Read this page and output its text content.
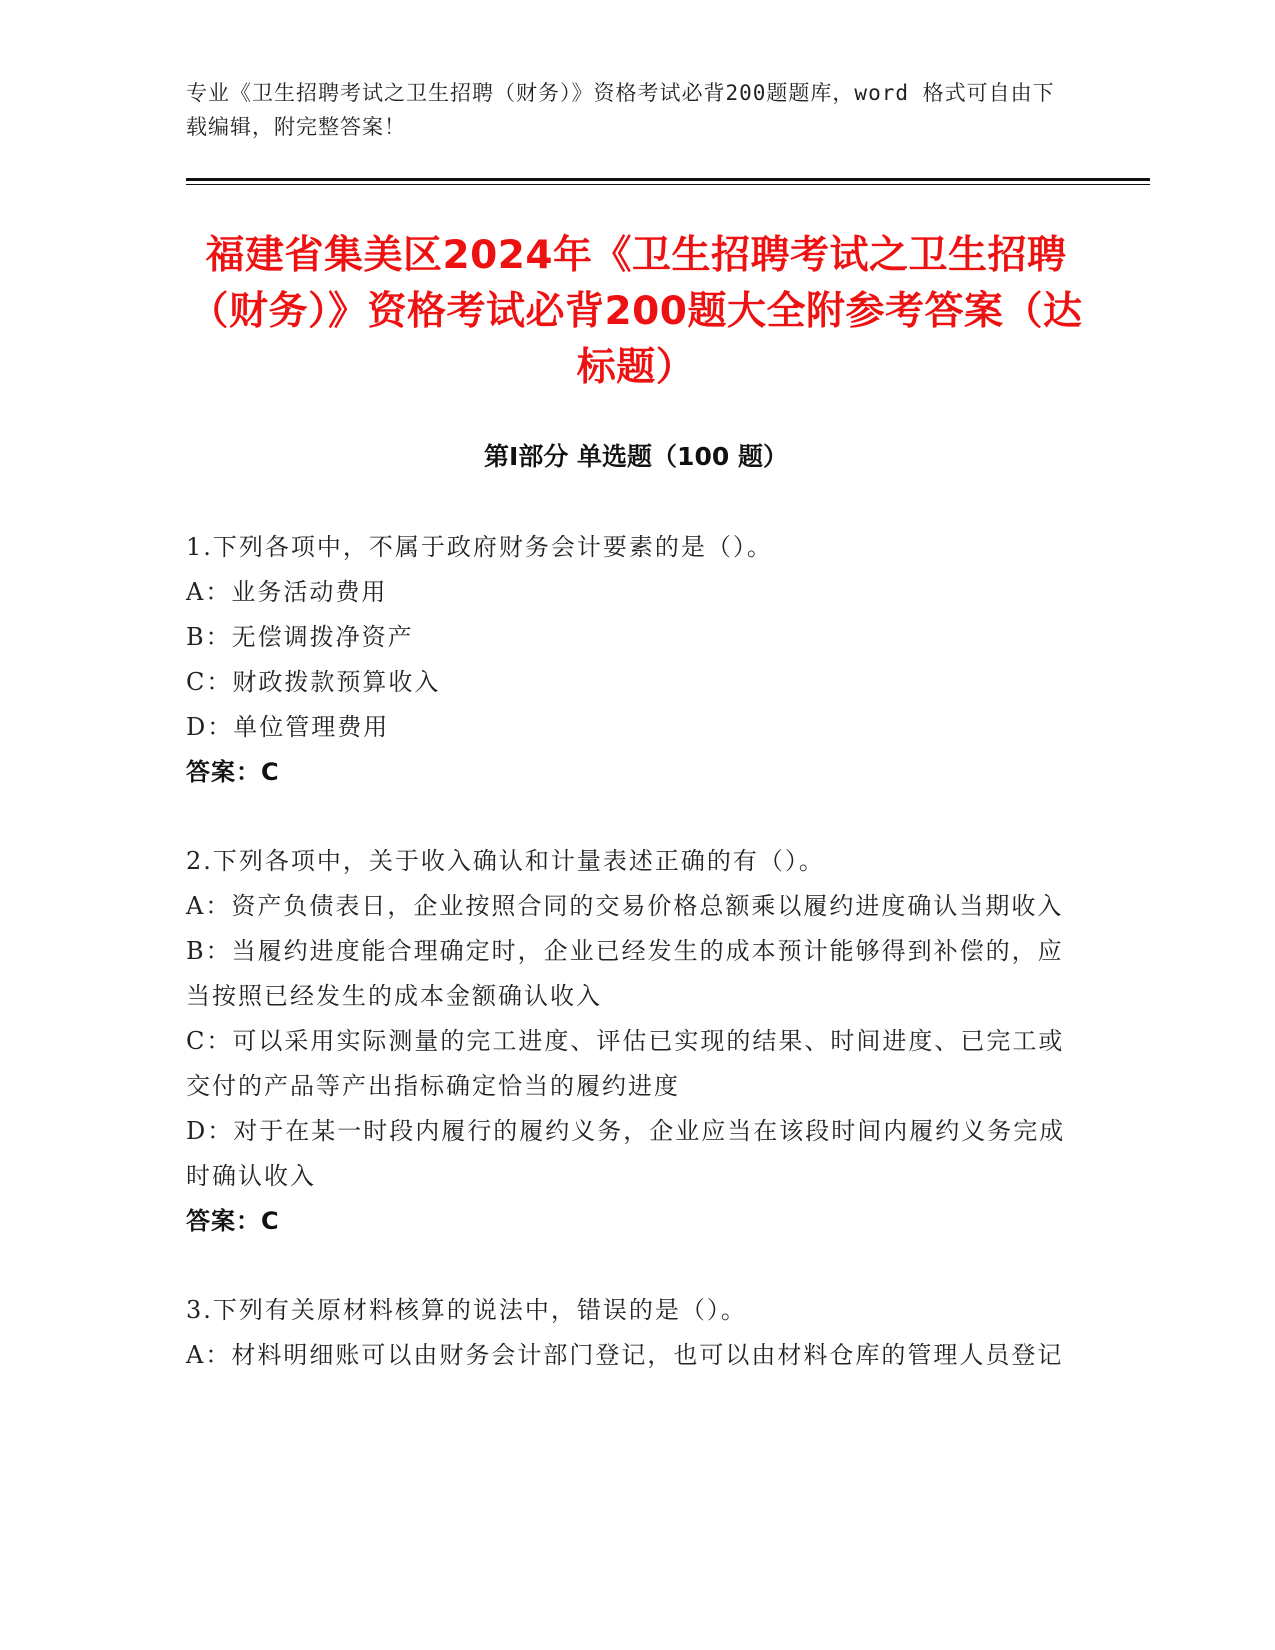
专业《卫生招聘考试之卫生招聘（财务）》资格考试必背200题题库，word 格式可自由下载编辑，附完整答案！
福建省集美区2024年《卫生招聘考试之卫生招聘（财务）》资格考试必背200题大全附参考答案（达标题）
第Ⅰ部分 单选题（100 题）

1.下列各项中，不属于政府财务会计要素的是（）。

A：业务活动费用

B：无偿调拨净资产

C：财政拨款预算收入

D：单位管理费用

答案：C

2.下列各项中，关于收入确认和计量表述正确的有（）。

A：资产负债表日，企业按照合同的交易价格总额乘以履约进度确认当期收入

B：当履约进度能合理确定时，企业已经发生的成本预计能够得到补偿的，应当按照已经发生的成本金额确认收入

C：可以采用实际测量的完工进度、评估已实现的结果、时间进度、已完工或交付的产品等产出指标确定恰当的履约进度

D：对于在某一时段内履行的履约义务，企业应当在该段时间内履约义务完成时确认收入

答案：C

3.下列有关原材料核算的说法中，错误的是（）。

A：材料明细账可以由财务会计部门登记，也可以由材料仓库的管理人员登记
